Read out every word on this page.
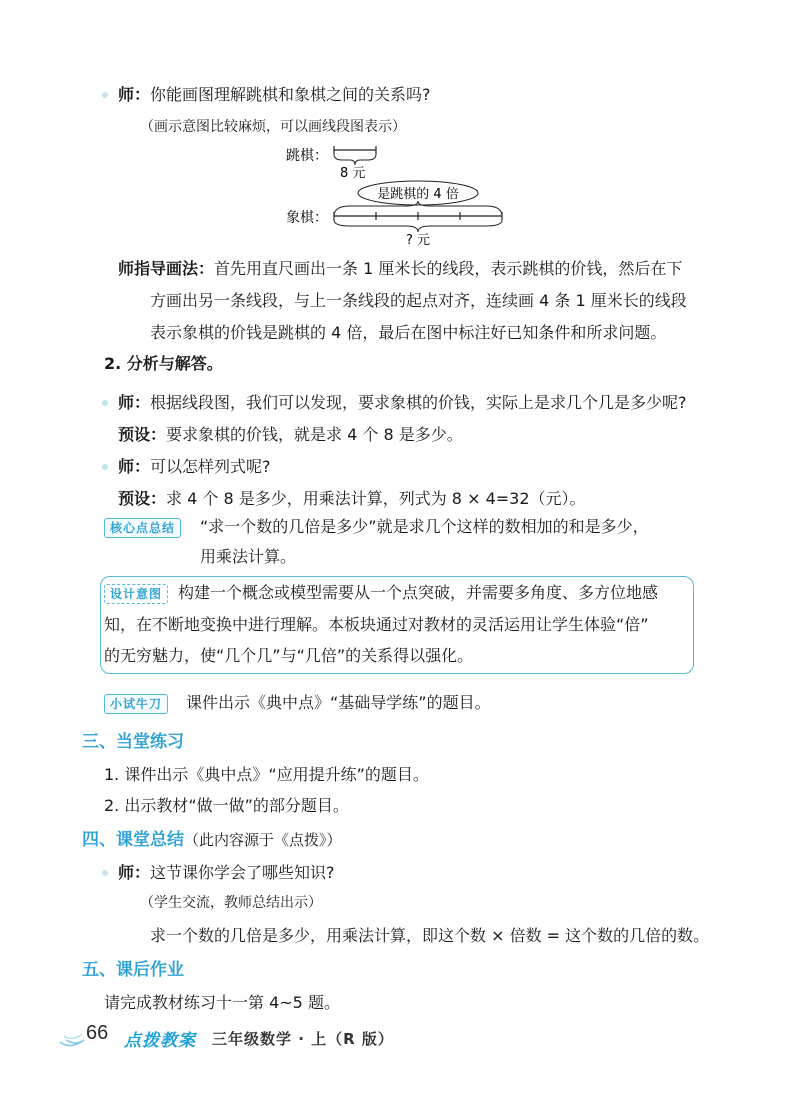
师：你能画图理解跳棋和象棋之间的关系吗?
（画示意图比较麻烦，可以画线段图表示）
跳棋：
8 元
是跳棋的 4 倍
象棋：
? 元
师指导画法：首先用直尺画出一条 1 厘米长的线段，表示跳棋的价钱，然后在下
方画出另一条线段，与上一条线段的起点对齐，连续画 4 条 1 厘米长的线段
表示象棋的价钱是跳棋的 4 倍，最后在图中标注好已知条件和所求问题。
2. 分析与解答。
师：根据线段图，我们可以发现，要求象棋的价钱，实际上是求几个几是多少呢?
预设：要求象棋的价钱，就是求 4 个 8 是多少。
师：可以怎样列式呢?
预设：求 4 个 8 是多少，用乘法计算，列式为 8 × 4=32（元）。
核心点总结	“求一个数的几倍是多少”就是求几个这样的数相加的和是多少，
用乘法计算。
设计意图 构建一个概念或模型需要从一个点突破，并需要多角度、多方位地感
知，在不断地变换中进行理解。本板块通过对教材的灵活运用让学生体验“倍”
的无穷魅力，使“几个几”与“几倍”的关系得以强化。
小试牛刀	课件出示《典中点》“基础导学练”的题目。
三、当堂练习
1. 课件出示《典中点》“应用提升练”的题目。
2. 出示教材“做一做”的部分题目。
四、课堂总结（此内容源于《点拨》）
师：这节课你学会了哪些知识?
（学生交流，教师总结出示）
求一个数的几倍是多少，用乘法计算，即这个数 × 倍数 = 这个数的几倍的数。
五、课后作业
请完成教材练习十一第 4~5 题。
66 点拨教案 三年级数学 · 上（R 版）
